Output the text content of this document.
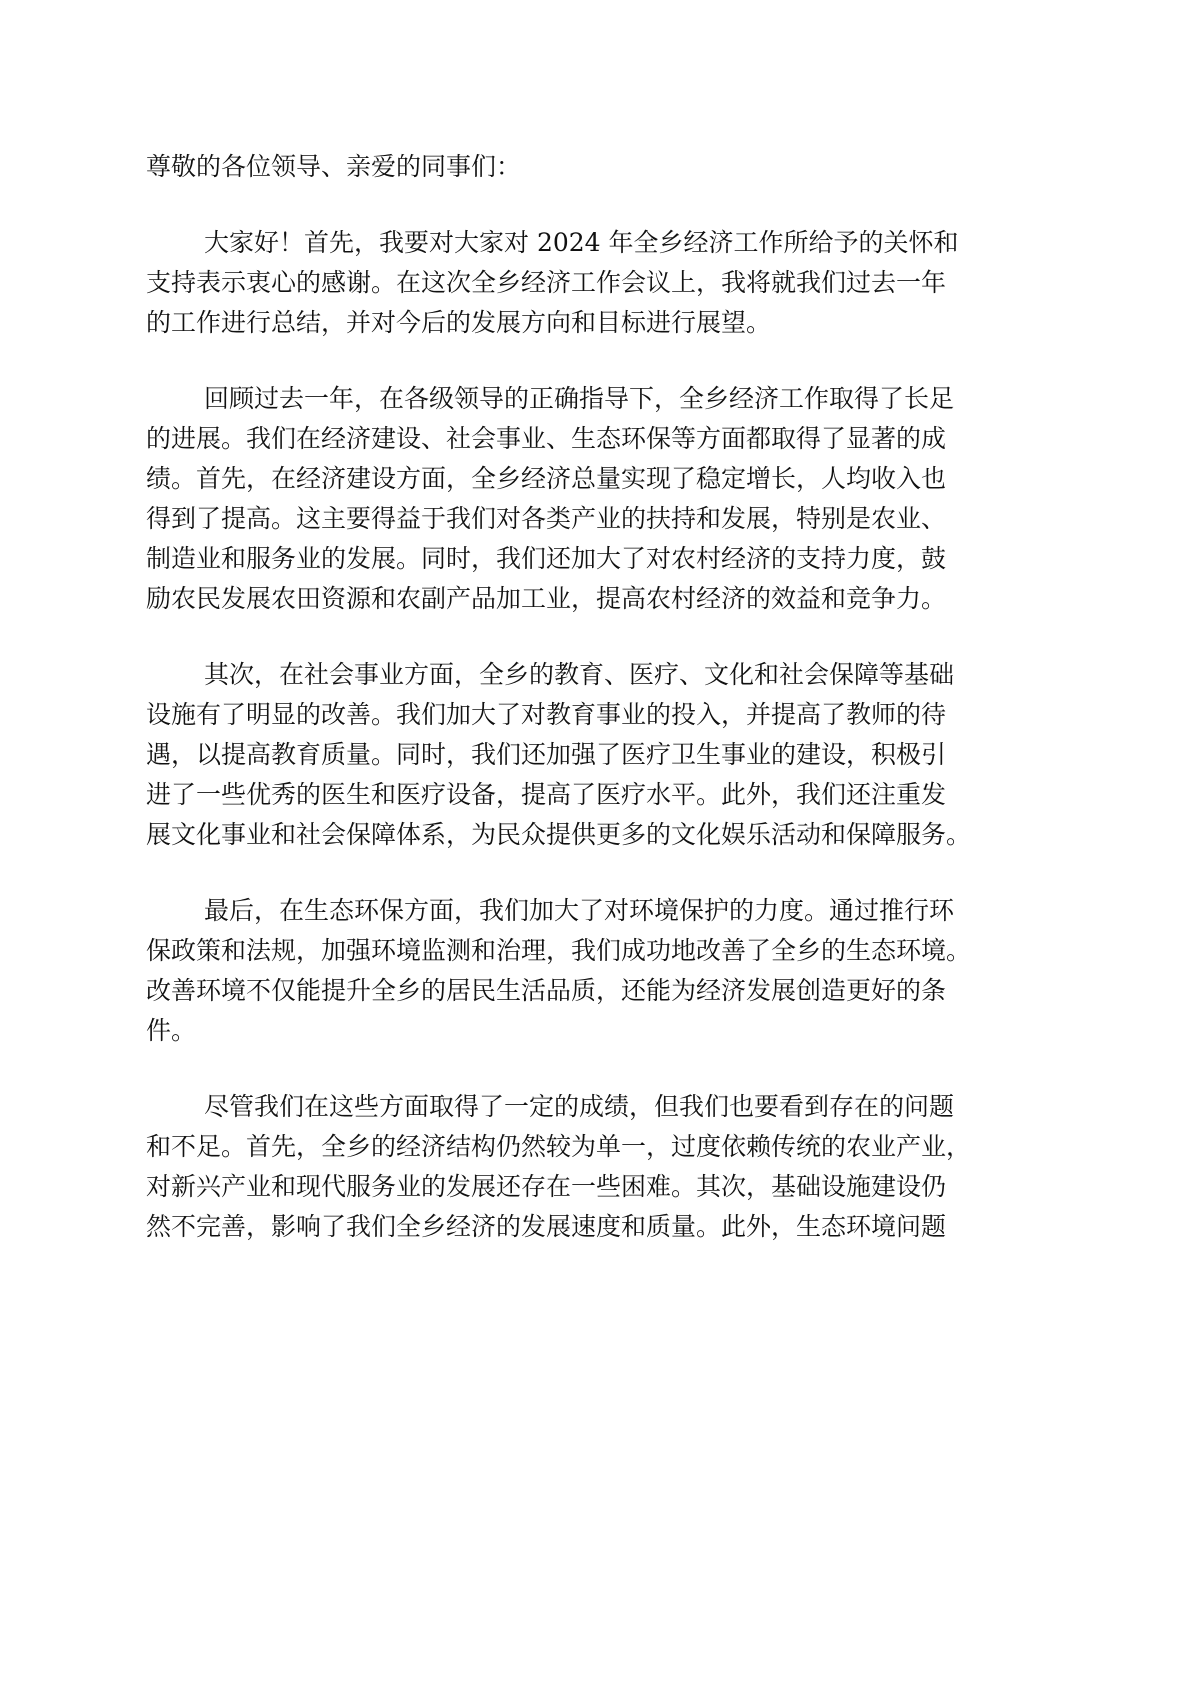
尊敬的各位领导、亲爱的同事们：

大家好！首先，我要对大家对 2024 年全乡经济工作所给予的关怀和
支持表示衷心的感谢。在这次全乡经济工作会议上，我将就我们过去一年
的工作进行总结，并对今后的发展方向和目标进行展望。

回顾过去一年，在各级领导的正确指导下，全乡经济工作取得了长足
的进展。我们在经济建设、社会事业、生态环保等方面都取得了显著的成
绩。首先，在经济建设方面，全乡经济总量实现了稳定增长，人均收入也
得到了提高。这主要得益于我们对各类产业的扶持和发展，特别是农业、
制造业和服务业的发展。同时，我们还加大了对农村经济的支持力度，鼓
励农民发展农田资源和农副产品加工业，提高农村经济的效益和竞争力。

其次，在社会事业方面，全乡的教育、医疗、文化和社会保障等基础
设施有了明显的改善。我们加大了对教育事业的投入，并提高了教师的待
遇，以提高教育质量。同时，我们还加强了医疗卫生事业的建设，积极引
进了一些优秀的医生和医疗设备，提高了医疗水平。此外，我们还注重发
展文化事业和社会保障体系，为民众提供更多的文化娱乐活动和保障服务。

最后，在生态环保方面，我们加大了对环境保护的力度。通过推行环
保政策和法规，加强环境监测和治理，我们成功地改善了全乡的生态环境。
改善环境不仅能提升全乡的居民生活品质，还能为经济发展创造更好的条
件。

尽管我们在这些方面取得了一定的成绩，但我们也要看到存在的问题
和不足。首先，全乡的经济结构仍然较为单一，过度依赖传统的农业产业，
对新兴产业和现代服务业的发展还存在一些困难。其次，基础设施建设仍
然不完善，影响了我们全乡经济的发展速度和质量。此外，生态环境问题
